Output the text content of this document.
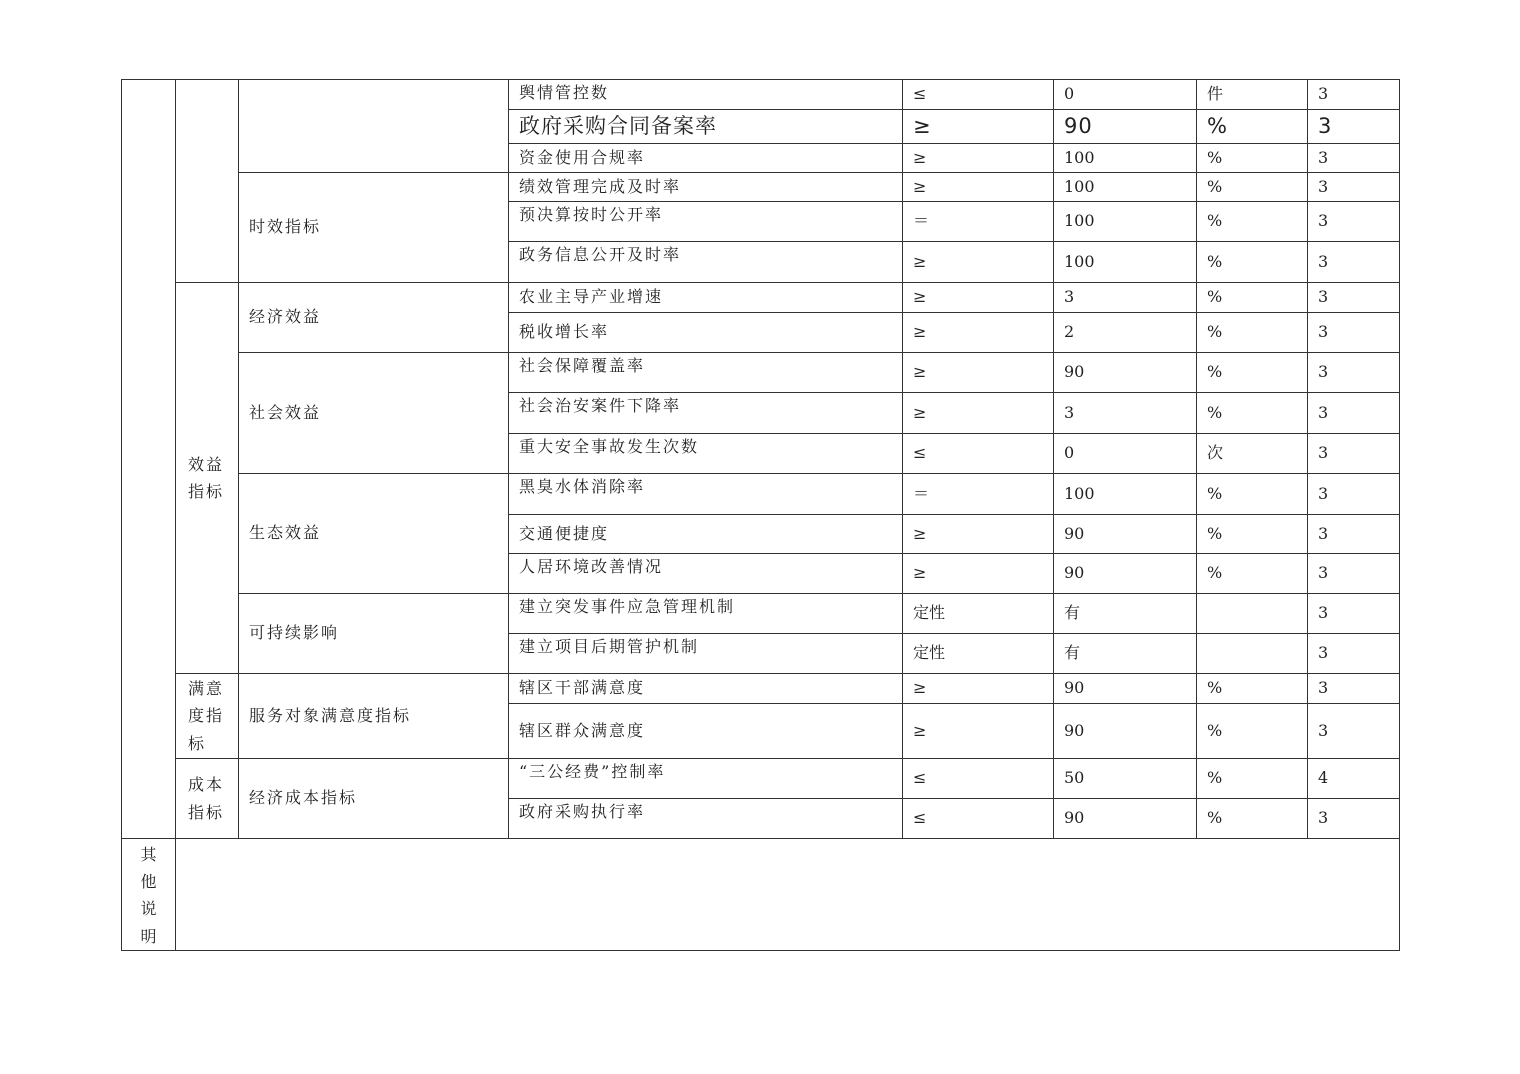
			舆情管控数	≤	0	件	3
			政府采购合同备案率	≥	90	%	3
			资金使用合规率	≥	100	%	3
		时效指标	绩效管理完成及时率	≥	100	%	3
			预决算按时公开率	＝	100	%	3
			政务信息公开及时率	≥	100	%	3

	效益指标	经济效益	农业主导产业增速	≥	3	%	3
			税收增长率	≥	2	%	3
		社会效益	社会保障覆盖率	≥	90	%	3
			社会治安案件下降率	≥	3	%	3
			重大安全事故发生次数	≤	0	次	3
		生态效益	黑臭水体消除率	＝	100	%	3
			交通便捷度	≥	90	%	3
			人居环境改善情况	≥	90	%	3
		可持续影响	建立突发事件应急管理机制	定性	有		3
			建立项目后期管护机制	定性	有		3

	满意度指标	服务对象满意度指标	辖区干部满意度	≥	90	%	3
			辖区群众满意度	≥	90	%	3

	成本指标	经济成本指标	“三公经费”控制率	≤	50	%	4
			政府采购执行率	≤	90	%	3
其他说明
